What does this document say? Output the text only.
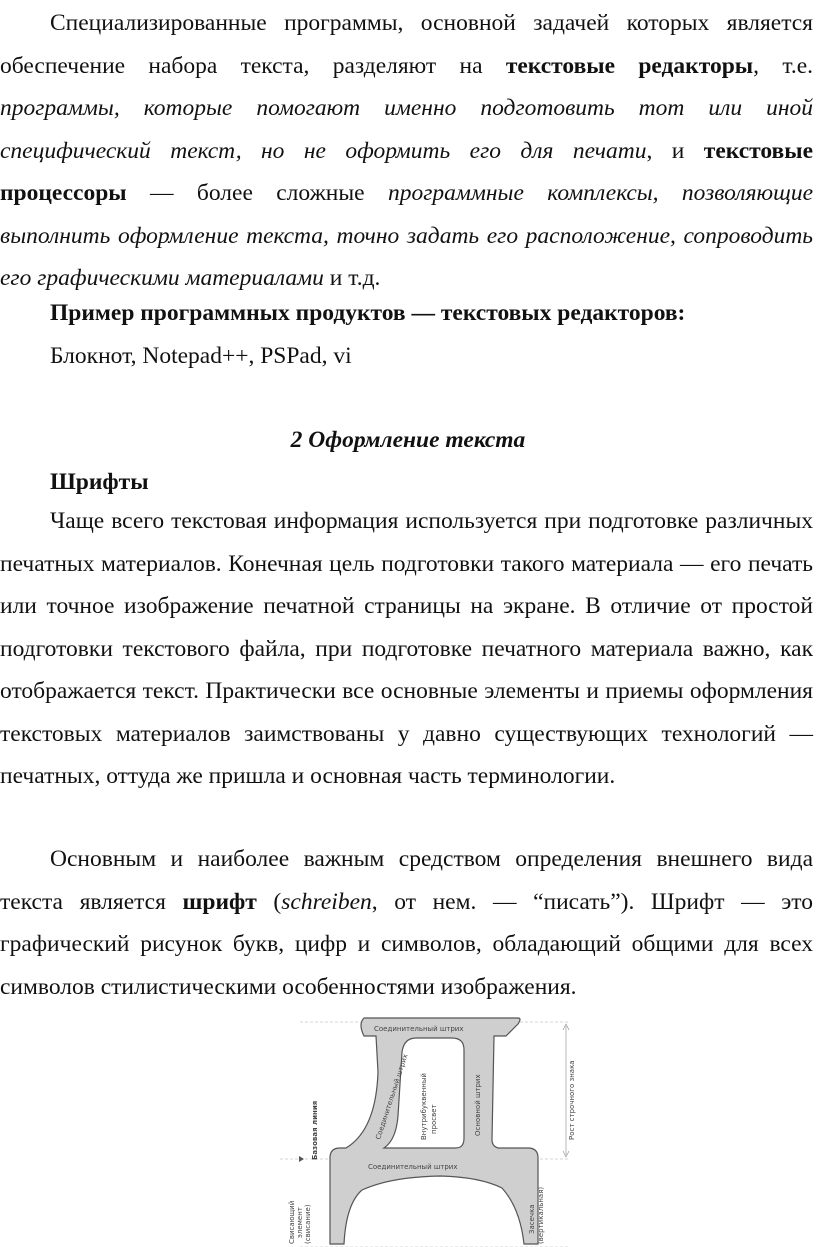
Специализированные программы, основной задачей которых является обеспечение набора текста, разделяют на текстовые редакторы, т.е. программы, которые помогают именно подготовить тот или иной специфический текст, но не оформить его для печати, и текстовые процессоры — более сложные программные комплексы, позволяющие выполнить оформление текста, точно задать его расположение, сопроводить его графическими материалами и т.д.

Пример программных продуктов — текстовых редакторов:

Блокнот, Notepad++, PSPad, vi

2 Оформление текста

Шрифты

Чаще всего текстовая информация используется при подготовке различных печатных материалов. Конечная цель подготовки такого материала — его печать или точное изображение печатной страницы на экране. В отличие от простой подготовки текстового файла, при подготовке печатного материала важно, как отображается текст. Практически все основные элементы и приемы оформления текстовых материалов заимствованы у давно существующих технологий — печатных, оттуда же пришла и основная часть терминологии.

Основным и наиболее важным средством определения внешнего вида текста является шрифт (schreiben, от нем. — “писать”). Шрифт — это графический рисунок букв, цифр и символов, обладающий общими для всех символов стилистическими особенностями изображения.

Соединительный штрих
Соединительный штрих
Соединительный штрих Внутрибуквенный просвет	Основной штрих
Базовая линия	Рост строчного знака
Свисающий элемент (свисание)	Засечка (вертикальная)
